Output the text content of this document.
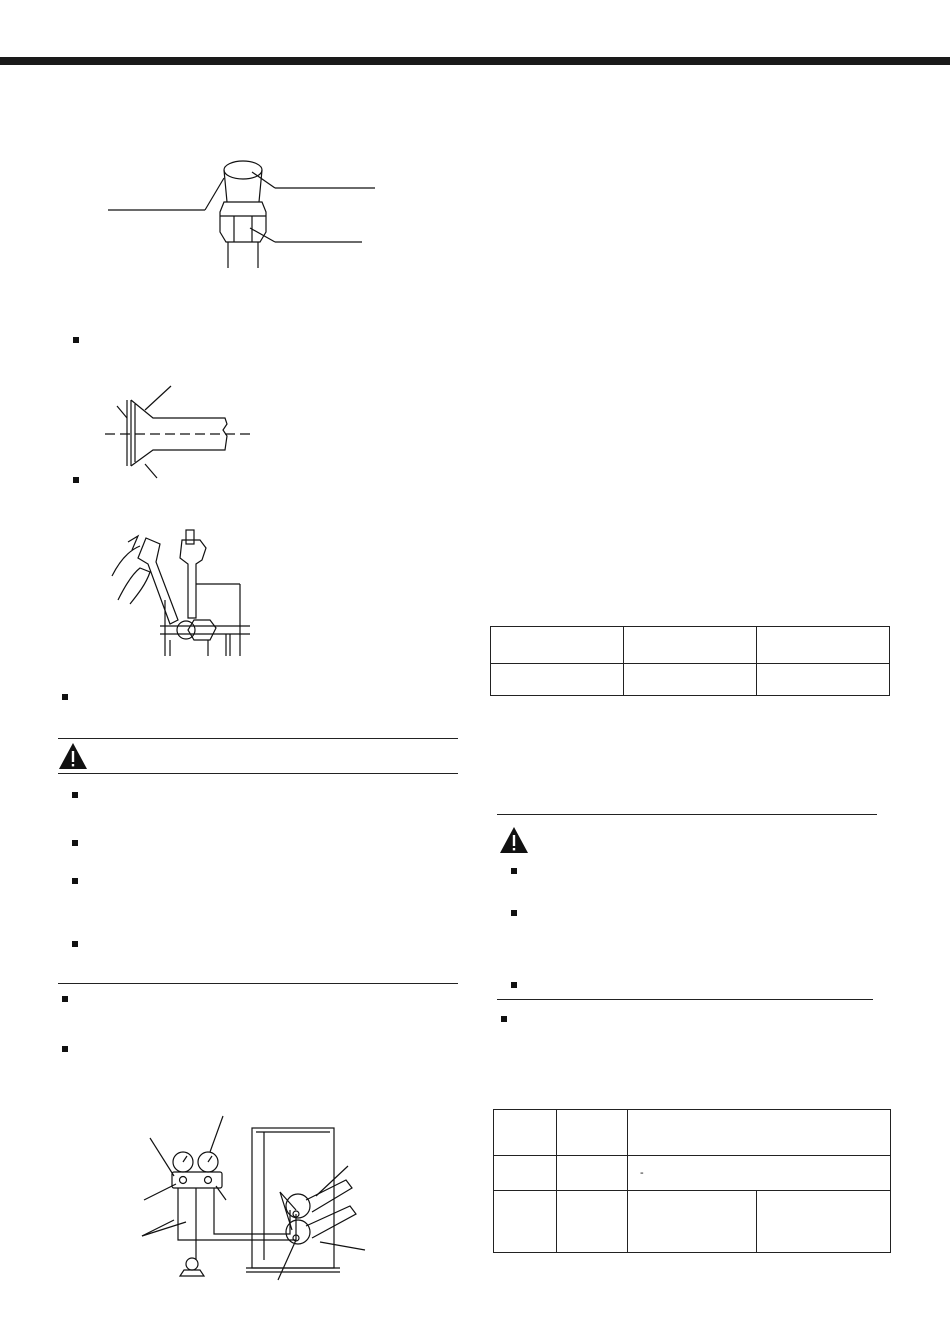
		-	
